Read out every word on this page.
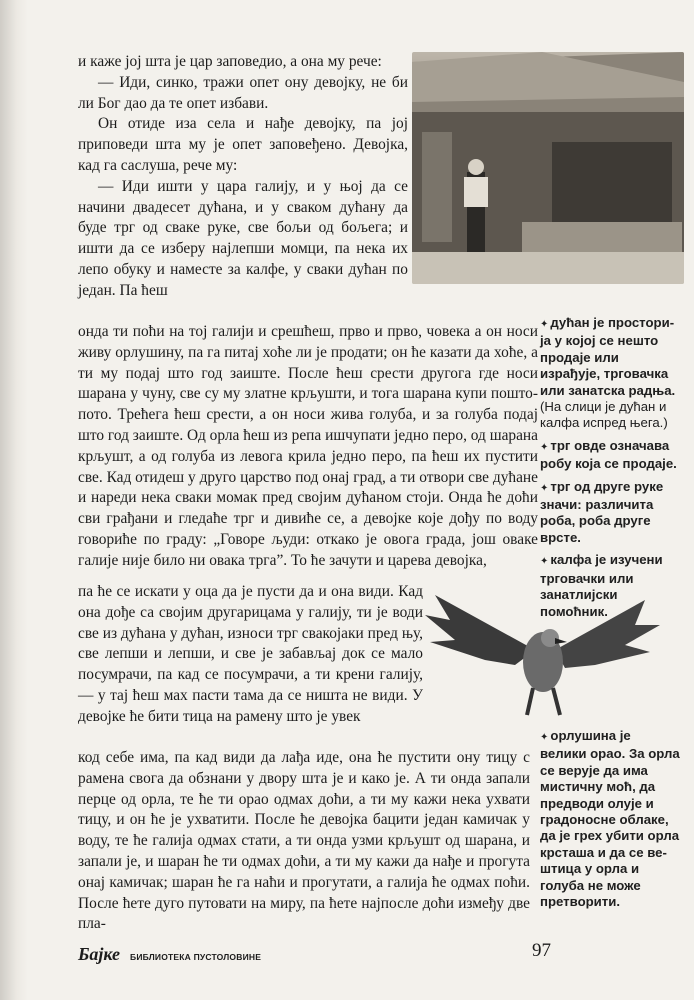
и каже јој шта је цар заповедио, а она му рече:

— Иди, синко, тражи опет ону девојку, не би ли Бог дао да те опет избави.

Он отиде иза села и нађе девојку, па јој приповеди шта му је опет заповеђено. Девојка, кад га саслуша, рече му:

— Иди ишти у цара галију, и у њој да се начини двадесет дућана, и у сваком дућану да буде трг од сваке руке, све бољи од бољега; и ишти да се изберу најлепши момци, па нека их лепо обуку и наместе за калфе, у сваки дућан по један. Па ћеш

онда ти поћи на тој галији и срешћеш, прво и прво, човека а он носи живу орлушину, па га питај хоће ли је продати; он ће казати да хоће, а ти му подај што год заиште. После ћеш срести другога где носи шарана у чуну, све су му златне крљушти, и тога шарана купи пошто-пото. Трећега ћеш срести, а он носи жива голуба, и за голуба подај што год заиште. Од орла ћеш из репа ишчупати једно перо, од шарана крљушт, а од голуба из левога крила једно перо, па ћеш их пустити све. Кад отидеш у друго царство под онај град, а ти отвори све дућане и нареди нека сваки момак пред својим дућаном стоји. Онда ће доћи сви грађани и гледаће трг и дивиће се, а девојке које дођу по воду говориће по граду: „Говоре људи: откако је овога града, још оваке галије није било ни овака трга”. То ће зачути и царева девојка,

па ће се искати у оца да је пусти да и она види. Кад она дође са својим другарицама у галију, ти је води све из дућана у дућан, износи трг свакојаки пред њу, све лепши и лепши, и све је забављај док се мало посумрачи, па кад се посумрачи, а ти крени галију, — у тај ћеш мах пасти тама да се ништа не види. У девојке ће бити тица на рамену што је увек

код себе има, па кад види да лађа иде, она ће пустити ону тицу с рамена свога да обзнани у двору шта је и како је. А ти онда запали перце од орла, те ће ти орао одмах доћи, а ти му кажи нека ухвати тицу, и он ће је ухватити. После ће девојка бацити један камичак у воду, те ће галија одмах стати, а ти онда узми крљушт од шарана, и запали је, и шаран ће ти одмах доћи, а ти му кажи да нађе и прогута онај камичак; шаран ће га наћи и прогутати, а галија ће одмах поћи. После ћете дуго путовати на миру, па ћете најпосле доћи између две пла-

✦ дућан је просторија у којој се нешто продаје или израђује, трговачка или занатска радња.
(На слици је дућан и калфа испред њега.)
✦ трг овде означава робу која се продаје.
✦ трг од друге руке значи: различита роба, роба друге врсте.
✦ калфа је изучени трговачки или занатлијски помоћник.
✦ орлушина је велики орао. За орла се верује да има мистичну моћ, да предводи олује и градоносне облаке, да је грех убити орла крсташа и да се вештица у орла и голуба не може претворити.
Бајке БИБЛИОТЕКА ПУСТОЛОВИНЕ	97
